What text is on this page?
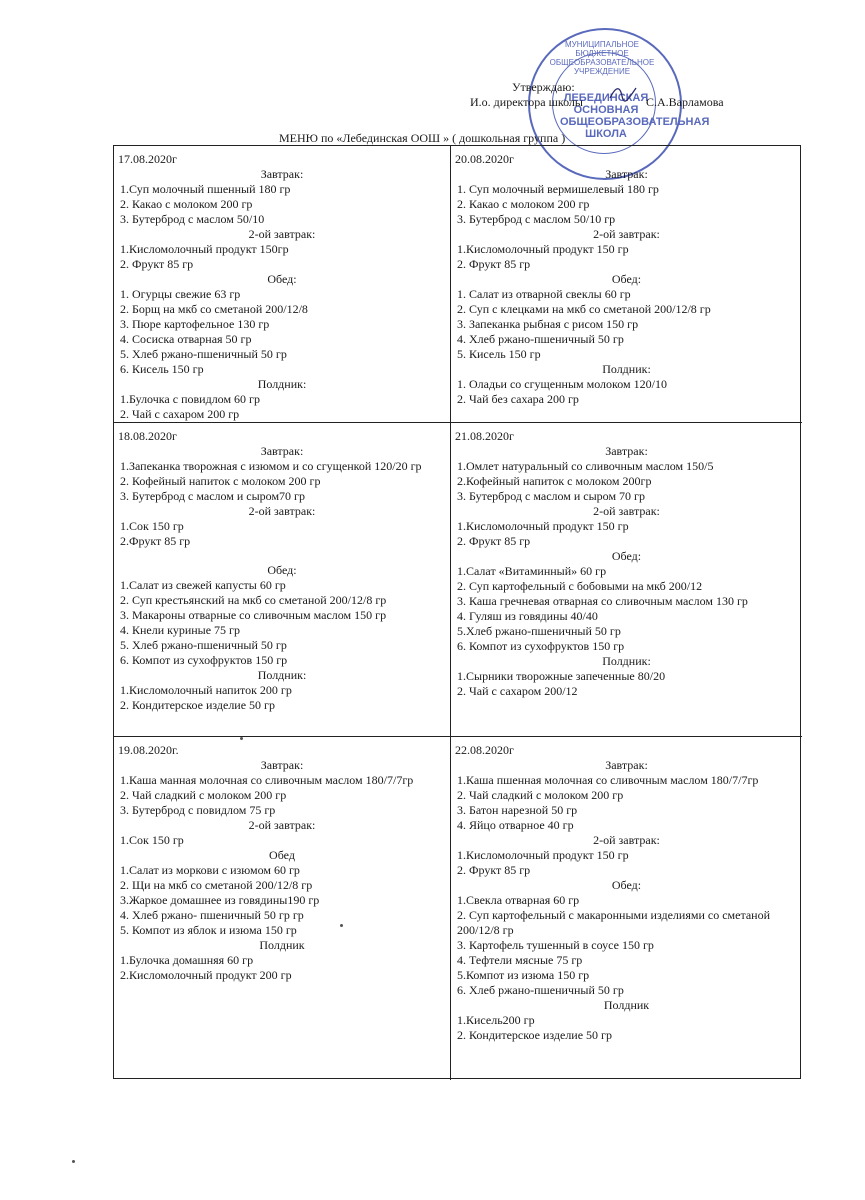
МУНИЦИПАЛЬНОЕ БЮДЖЕТНОЕ ОБЩЕОБРАЗОВАТЕЛЬНОЕ УЧРЕЖДЕНИЕ
ЛЕБЕДИНСКАЯ ОСНОВНАЯ ОБЩЕОБРАЗОВАТЕЛЬНАЯ ШКОЛА
Утверждаю:
И.о. директора школы	С.А.Варламова
МЕНЮ по «Лебединская ООШ » ( дошкольная группа )
17.08.2020г
Завтрак:
1.Суп молочный пшенный 180 гр
2. Какао с молоком 200 гр
3. Бутерброд с маслом 50/10
2-ой завтрак:
1.Кисломолочный продукт 150гр
2. Фрукт 85 гр
Обед:
1. Огурцы свежие 63 гр
2. Борщ на мкб со сметаной 200/12/8
3. Пюре картофельное 130 гр
4. Сосиска отварная 50 гр
5. Хлеб ржано-пшеничный 50 гр
6. Кисель 150 гр
Полдник:
1.Булочка с повидлом 60 гр
2. Чай с сахаром 200 гр
20.08.2020г
Завтрак:
1. Суп молочный вермишелевый 180 гр
2. Какао с молоком 200 гр
3. Бутерброд с маслом 50/10 гр
2-ой завтрак:
1.Кисломолочный продукт 150 гр
2. Фрукт 85 гр
Обед:
1. Салат из отварной свеклы 60 гр
2. Суп с клецками на мкб со сметаной 200/12/8 гр
3. Запеканка рыбная с рисом 150 гр
4. Хлеб ржано-пшеничный 50 гр
5. Кисель 150 гр
Полдник:
1. Оладьи со сгущенным молоком 120/10
2. Чай без сахара 200 гр
18.08.2020г
Завтрак:
1.Запеканка творожная с изюмом и со сгущенкой 120/20 гр
2. Кофейный напиток с молоком 200 гр
3. Бутерброд с маслом и сыром70 гр
2-ой завтрак:
1.Сок 150 гр
2.Фрукт 85 гр
Обед:
1.Салат из свежей капусты 60 гр
2. Суп крестьянский на мкб со сметаной 200/12/8 гр
3. Макароны отварные со сливочным маслом 150 гр
4. Кнели куриные 75 гр
5. Хлеб ржано-пшеничный 50 гр
6. Компот из сухофруктов 150 гр
Полдник:
1.Кисломолочный напиток 200 гр
2. Кондитерское изделие 50 гр
21.08.2020г
Завтрак:
1.Омлет натуральный со сливочным маслом 150/5
2.Кофейный напиток с молоком 200гр
3. Бутерброд с маслом и сыром 70 гр
2-ой завтрак:
1.Кисломолочный продукт 150 гр
2. Фрукт 85 гр
Обед:
1.Салат «Витаминный» 60 гр
2. Суп картофельный с бобовыми на мкб 200/12
3. Каша гречневая отварная со сливочным маслом 130 гр
4. Гуляш из говядины 40/40
5.Хлеб ржано-пшеничный 50 гр
6. Компот из сухофруктов 150 гр
Полдник:
1.Сырники творожные запеченные 80/20
2. Чай с сахаром 200/12
19.08.2020г.
Завтрак:
1.Каша манная молочная со сливочным маслом 180/7/7гр
2. Чай сладкий с молоком 200 гр
3. Бутерброд с повидлом 75 гр
2-ой завтрак:
1.Сок 150 гр
Обед
1.Салат из моркови с изюмом 60 гр
2. Щи на мкб со сметаной 200/12/8 гр
3.Жаркое домашнее из говядины190 гр
4. Хлеб ржано- пшеничный 50 гр гр
5. Компот из яблок и изюма 150 гр
Полдник
1.Булочка домашняя 60 гр
2.Кисломолочный продукт 200 гр
22.08.2020г
Завтрак:
1.Каша пшенная молочная со сливочным маслом 180/7/7гр
2. Чай сладкий с молоком 200 гр
3. Батон нарезной 50 гр
4. Яйцо отварное 40 гр
2-ой завтрак:
1.Кисломолочный продукт 150 гр
2. Фрукт 85 гр
Обед:
1.Свекла отварная 60 гр
2. Суп картофельный с макаронными изделиями со сметаной 200/12/8 гр
3. Картофель тушенный в соусе 150 гр
4. Тефтели мясные 75 гр
5.Компот из изюма 150 гр
6. Хлеб ржано-пшеничный 50 гр
Полдник
1.Кисель200 гр
2. Кондитерское изделие 50 гр
